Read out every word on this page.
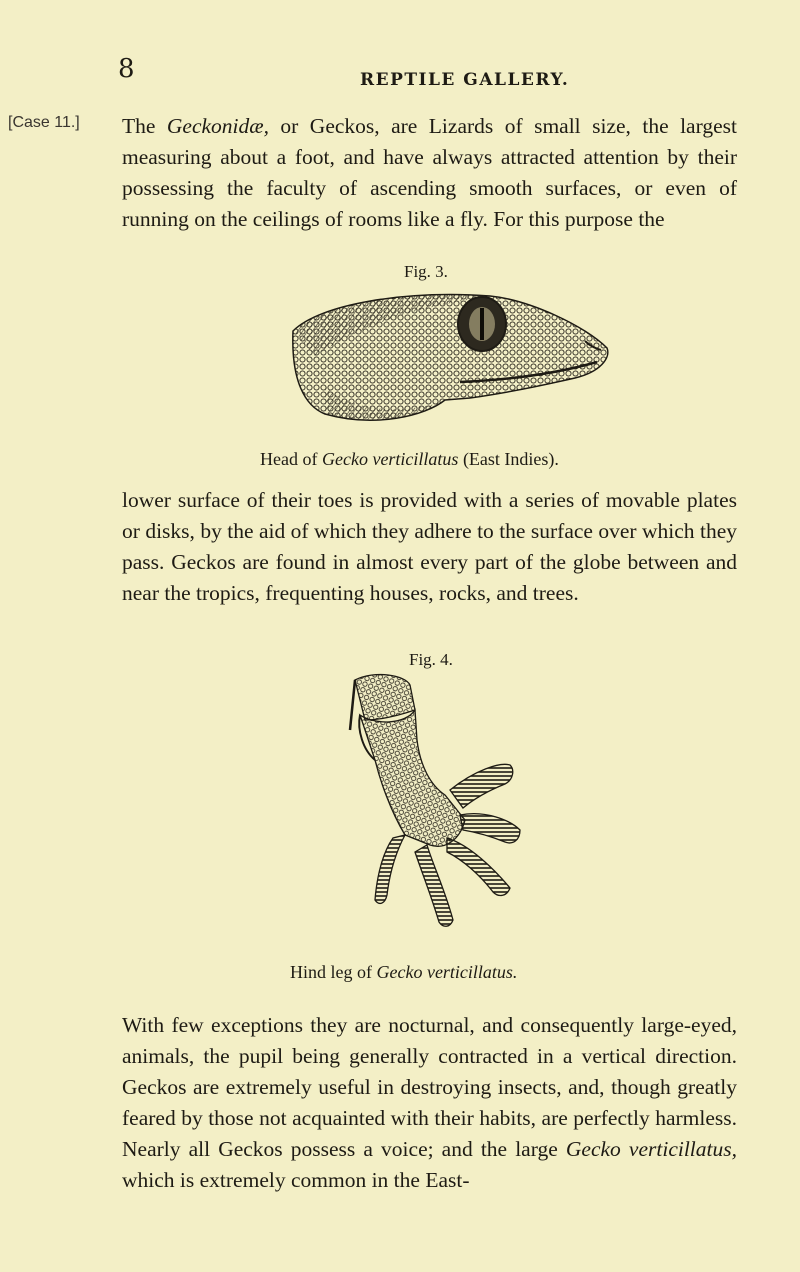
8	REPTILE GALLERY.
[Case 11.] The Geckonidæ, or Geckos, are Lizards of small size, the largest measuring about a foot, and have always attracted attention by their possessing the faculty of ascending smooth surfaces, or even of running on the ceilings of rooms like a fly. For this purpose the

Fig. 3.
Head of Gecko verticillatus (East Indies).

lower surface of their toes is provided with a series of movable plates or disks, by the aid of which they adhere to the surface over which they pass. Geckos are found in almost every part of the globe between and near the tropics, frequenting houses, rocks, and trees.

Fig. 4.
Hind leg of Gecko verticillatus.

With few exceptions they are nocturnal, and consequently large-eyed, animals, the pupil being generally contracted in a vertical direction. Geckos are extremely useful in destroying insects, and, though greatly feared by those not acquainted with their habits, are perfectly harmless. Nearly all Geckos possess a voice; and the large Gecko verticillatus, which is extremely common in the East-
